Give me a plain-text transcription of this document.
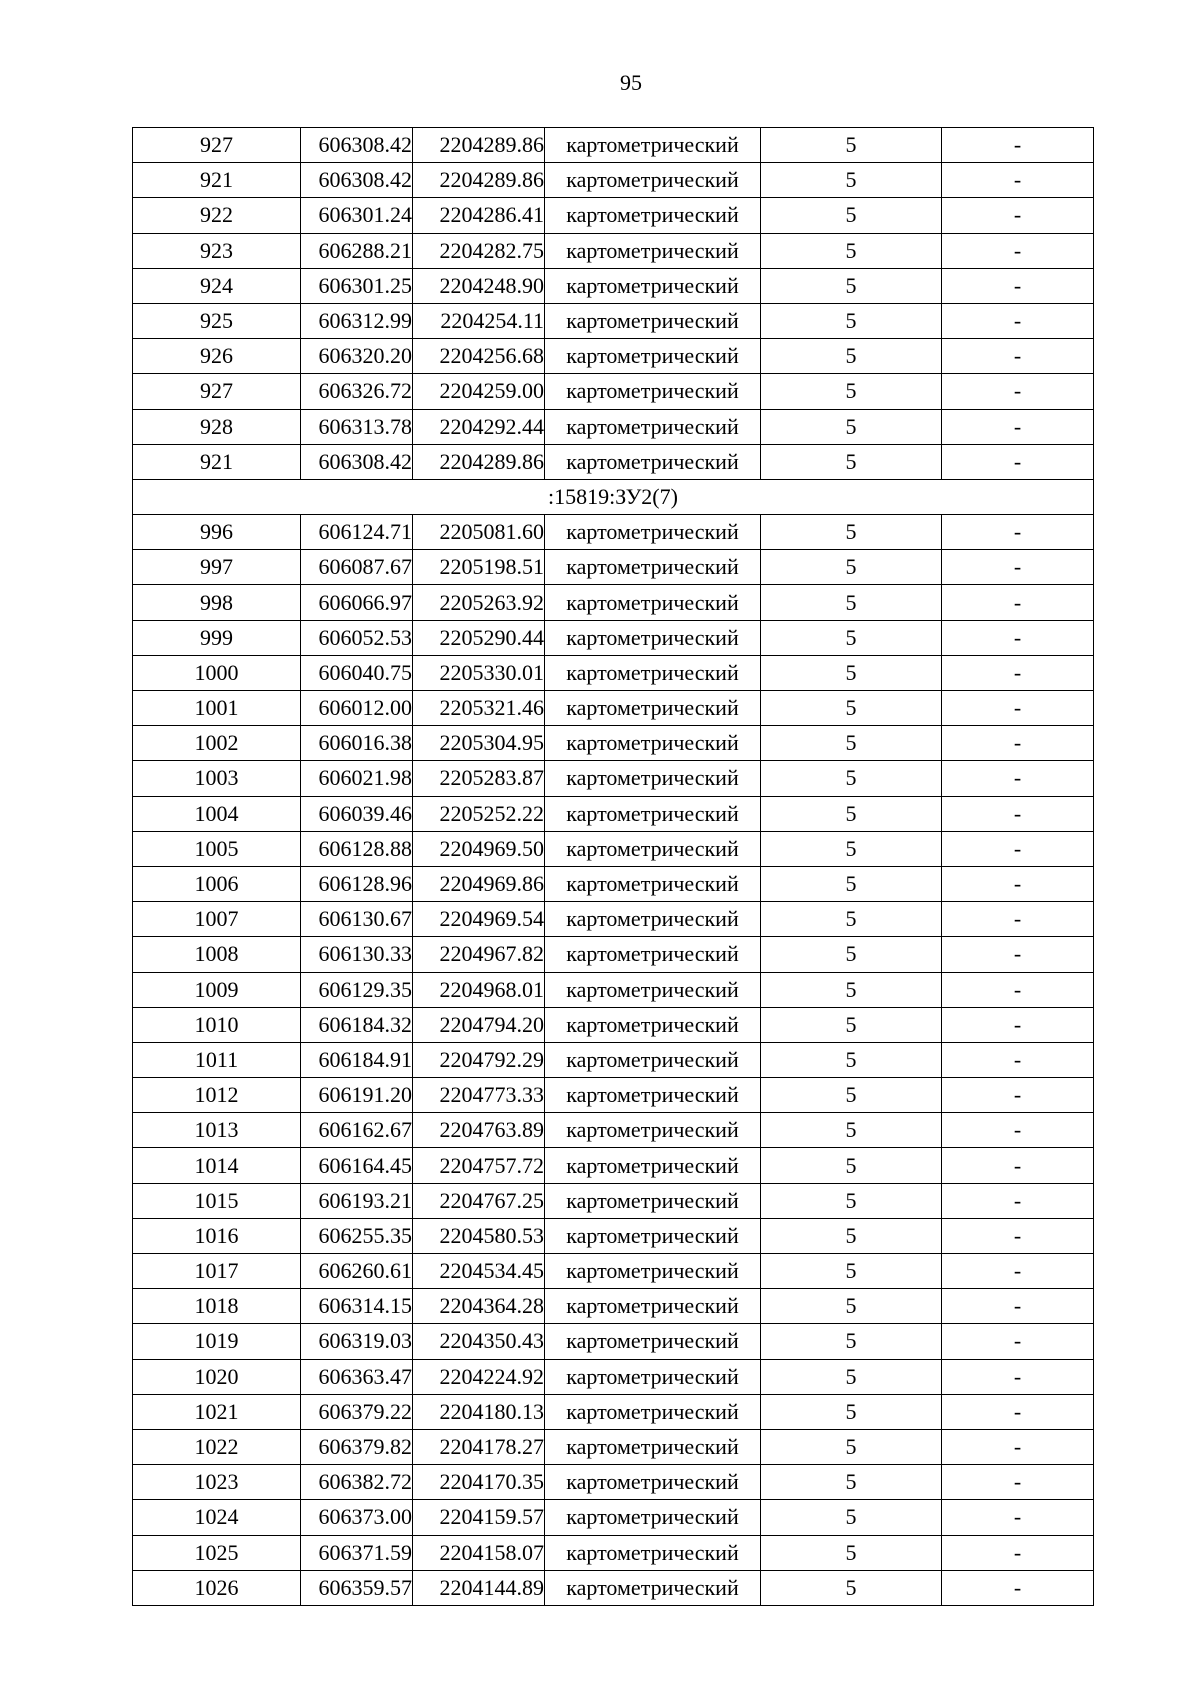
95
927	606308.42	2204289.86	картометрический	5	-
921	606308.42	2204289.86	картометрический	5	-
922	606301.24	2204286.41	картометрический	5	-
923	606288.21	2204282.75	картометрический	5	-
924	606301.25	2204248.90	картометрический	5	-
925	606312.99	2204254.11	картометрический	5	-
926	606320.20	2204256.68	картометрический	5	-
927	606326.72	2204259.00	картометрический	5	-
928	606313.78	2204292.44	картометрический	5	-
921	606308.42	2204289.86	картометрический	5	-
:15819:ЗУ2(7)					
996	606124.71	2205081.60	картометрический	5	-
997	606087.67	2205198.51	картометрический	5	-
998	606066.97	2205263.92	картометрический	5	-
999	606052.53	2205290.44	картометрический	5	-
1000	606040.75	2205330.01	картометрический	5	-
1001	606012.00	2205321.46	картометрический	5	-
1002	606016.38	2205304.95	картометрический	5	-
1003	606021.98	2205283.87	картометрический	5	-
1004	606039.46	2205252.22	картометрический	5	-
1005	606128.88	2204969.50	картометрический	5	-
1006	606128.96	2204969.86	картометрический	5	-
1007	606130.67	2204969.54	картометрический	5	-
1008	606130.33	2204967.82	картометрический	5	-
1009	606129.35	2204968.01	картометрический	5	-
1010	606184.32	2204794.20	картометрический	5	-
1011	606184.91	2204792.29	картометрический	5	-
1012	606191.20	2204773.33	картометрический	5	-
1013	606162.67	2204763.89	картометрический	5	-
1014	606164.45	2204757.72	картометрический	5	-
1015	606193.21	2204767.25	картометрический	5	-
1016	606255.35	2204580.53	картометрический	5	-
1017	606260.61	2204534.45	картометрический	5	-
1018	606314.15	2204364.28	картометрический	5	-
1019	606319.03	2204350.43	картометрический	5	-
1020	606363.47	2204224.92	картометрический	5	-
1021	606379.22	2204180.13	картометрический	5	-
1022	606379.82	2204178.27	картометрический	5	-
1023	606382.72	2204170.35	картометрический	5	-
1024	606373.00	2204159.57	картометрический	5	-
1025	606371.59	2204158.07	картометрический	5	-
1026	606359.57	2204144.89	картометрический	5	-
